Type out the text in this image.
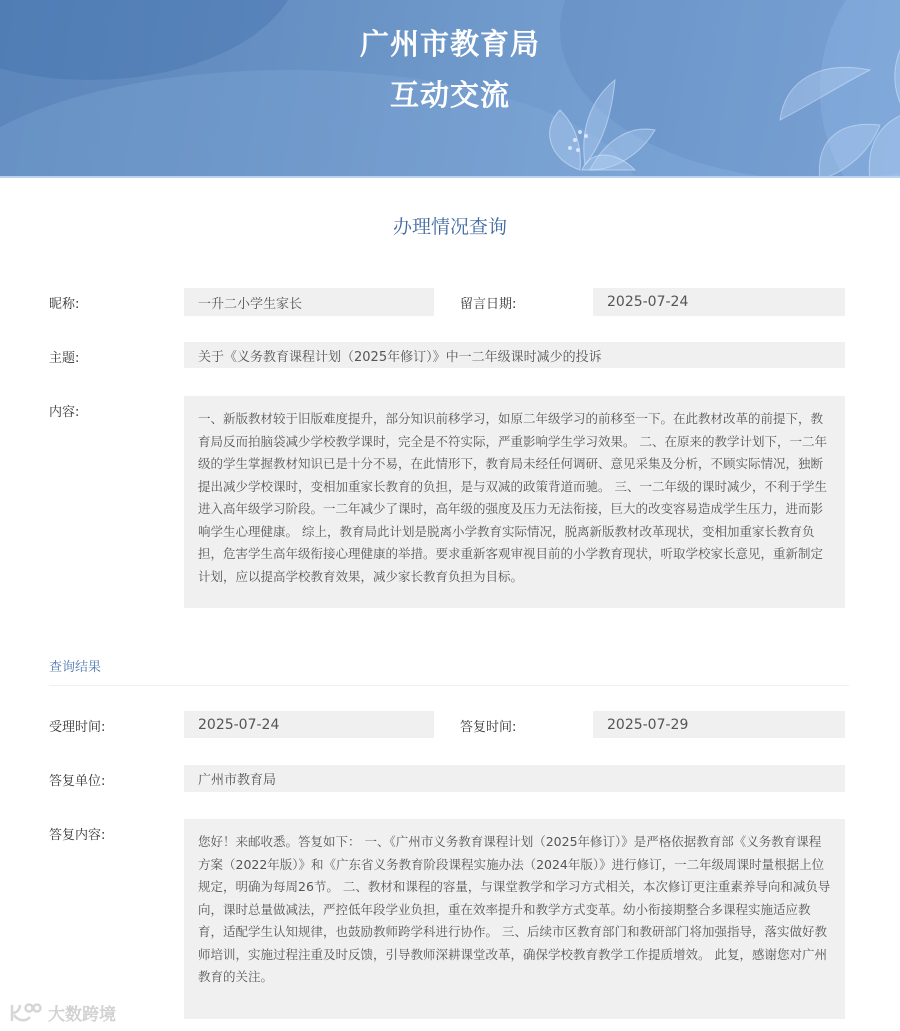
广州市教育局
互动交流
办理情况查询
昵称:	一升二小学生家长	留言日期:	2025-07-24
主题:	关于《义务教育课程计划（2025年修订）》中一二年级课时减少的投诉
内容:	一、新版教材较于旧版难度提升，部分知识前移学习，如原二年级学习的前移至一下。在此教材改革的前提下，教育局反而拍脑袋减少学校教学课时，完全是不符实际，严重影响学生学习效果。 二、在原来的教学计划下，一二年级的学生掌握教材知识已是十分不易，在此情形下，教育局未经任何调研、意见采集及分析，不顾实际情况，独断提出减少学校课时，变相加重家长教育的负担，是与双减的政策背道而驰。 三、一二年级的课时减少，不利于学生进入高年级学习阶段。一二年减少了课时，高年级的强度及压力无法衔接，巨大的改变容易造成学生压力，进而影响学生心理健康。 综上，教育局此计划是脱离小学教育实际情况，脱离新版教材改革现状，变相加重家长教育负担，危害学生高年级衔接心理健康的举措。要求重新客观审视目前的小学教育现状，听取学校家长意见，重新制定计划，应以提高学校教育效果，减少家长教育负担为目标。
查询结果
受理时间:	2025-07-24	答复时间:	2025-07-29
答复单位:	广州市教育局
答复内容:	您好！来邮收悉。答复如下： 一、《广州市义务教育课程计划（2025年修订）》是严格依据教育部《义务教育课程方案（2022年版）》和《广东省义务教育阶段课程实施办法（2024年版）》进行修订，一二年级周课时量根据上位规定，明确为每周26节。 二、教材和课程的容量，与课堂教学和学习方式相关，本次修订更注重素养导向和减负导向，课时总量做减法，严控低年段学业负担，重在效率提升和教学方式变革。幼小衔接期整合多课程实施适应教育，适配学生认知规律，也鼓励教师跨学科进行协作。 三、后续市区教育部门和教研部门将加强指导，落实做好教师培训，实施过程注重及时反馈，引导教师深耕课堂改革，确保学校教育教学工作提质增效。 此复，感谢您对广州教育的关注。
大数跨境
